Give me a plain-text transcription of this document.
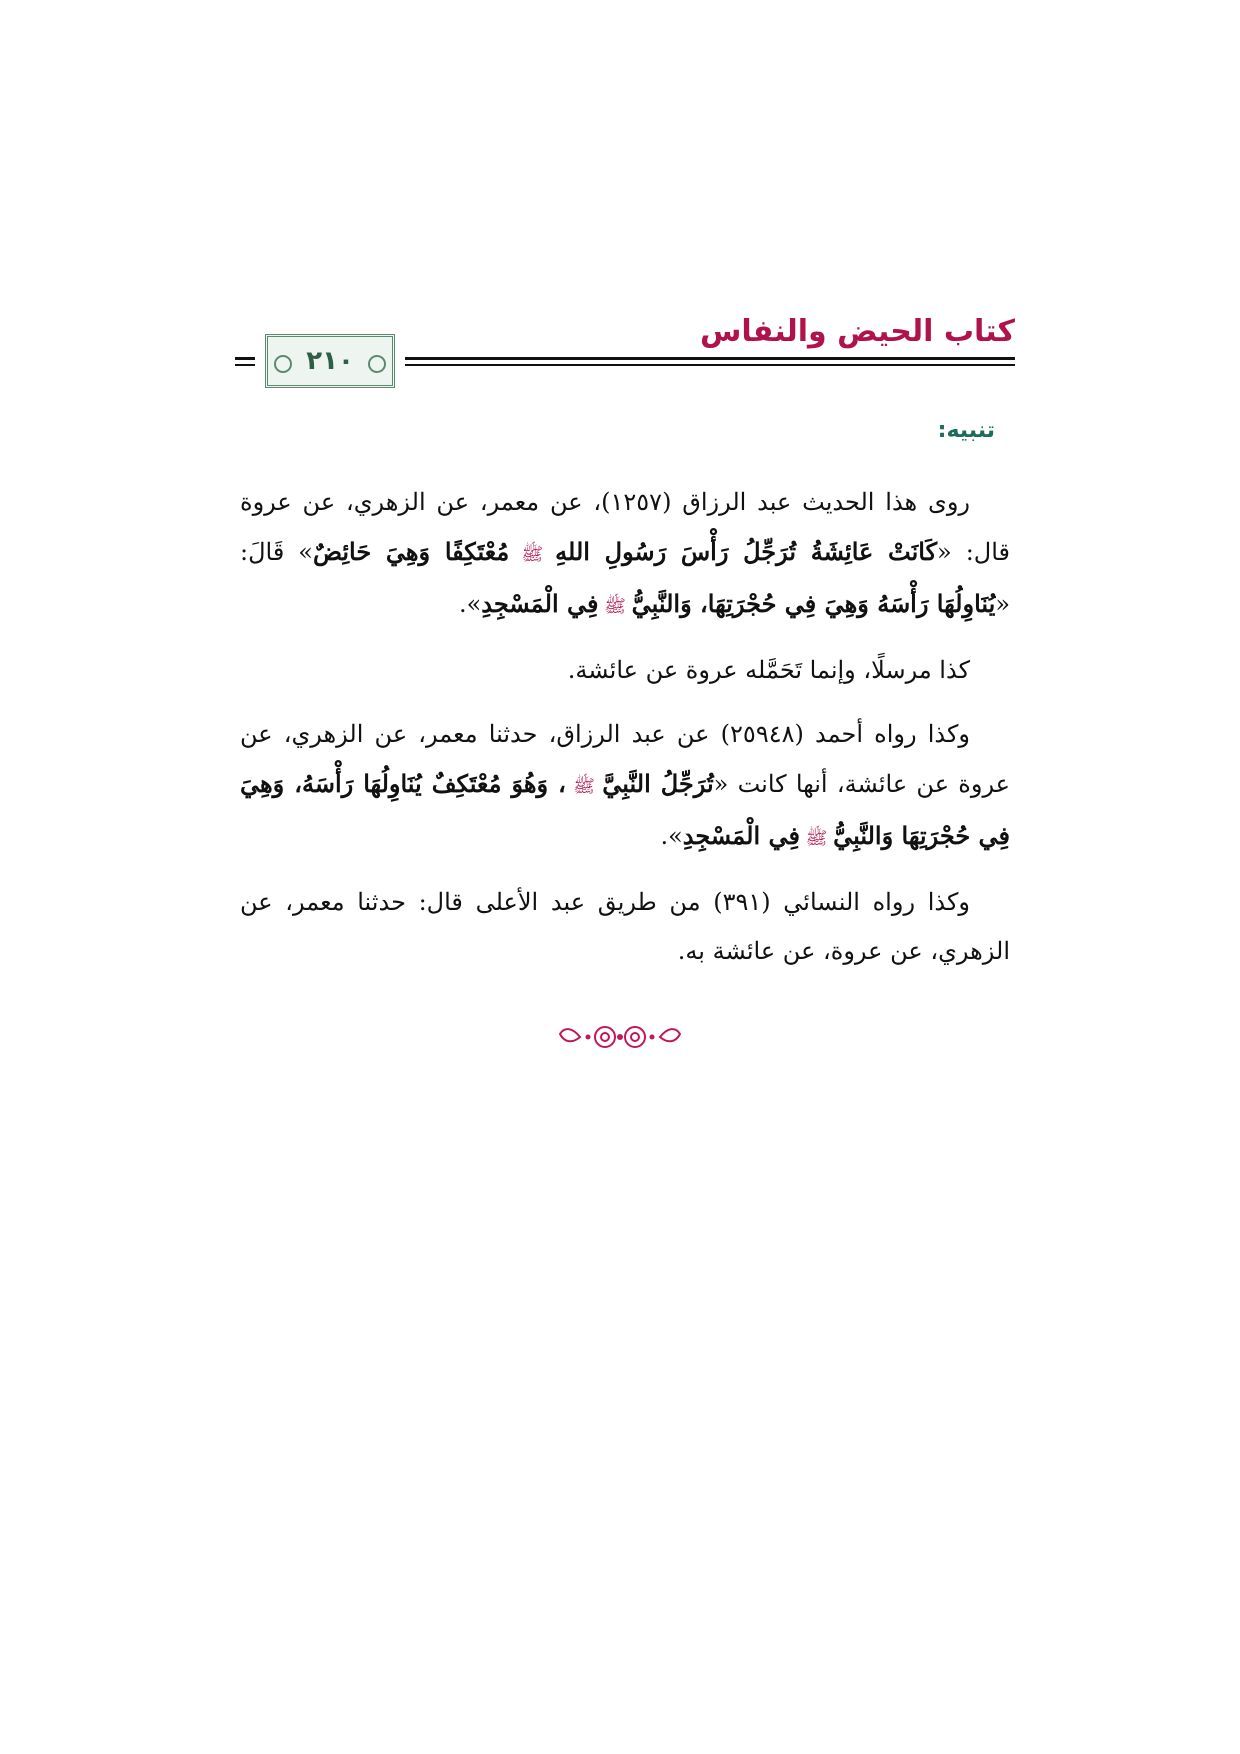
كتاب الحيض والنفاس
٢١٠
تنبيه:

روى هذا الحديث عبد الرزاق (١٢٥٧)، عن معمر، عن الزهري، عن عروة قال: «كَانَتْ عَائِشَةُ تُرَجِّلُ رَأْسَ رَسُولِ اللهِ ﷺ مُعْتَكِفًا وَهِيَ حَائِضٌ» قَالَ: «يُنَاوِلُهَا رَأْسَهُ وَهِيَ فِي حُجْرَتِهَا، وَالنَّبِيُّ ﷺ فِي الْمَسْجِدِ».

كذا مرسلًا، وإنما تَحَمَّله عروة عن عائشة.

وكذا رواه أحمد (٢٥٩٤٨) عن عبد الرزاق، حدثنا معمر، عن الزهري، عن عروة عن عائشة، أنها كانت «تُرَجِّلُ النَّبِيَّ ﷺ ، وَهُوَ مُعْتَكِفٌ يُنَاوِلُهَا رَأْسَهُ، وَهِيَ فِي حُجْرَتِهَا وَالنَّبِيُّ ﷺ فِي الْمَسْجِدِ».

وكذا رواه النسائي (٣٩١) من طريق عبد الأعلى قال: حدثنا معمر، عن الزهري، عن عروة، عن عائشة به.
